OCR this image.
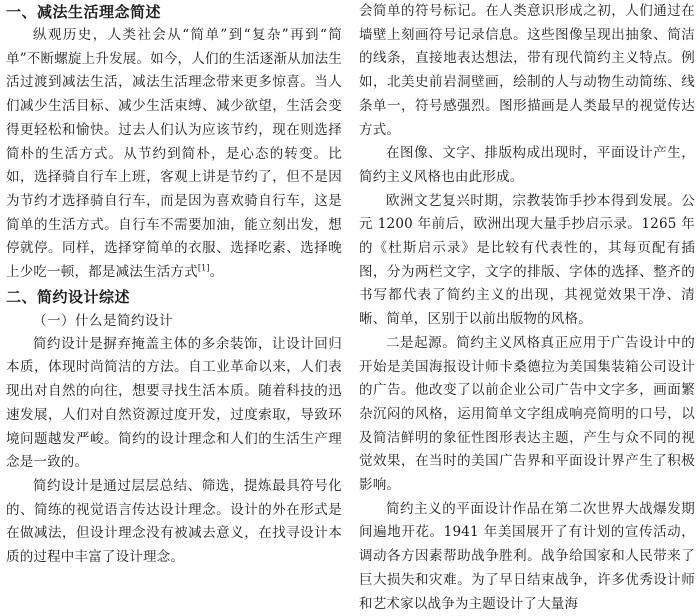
一、减法生活理念简述

纵观历史，人类社会从“简单”到“复杂”再到“简单”不断螺旋上升发展。如今，人们的生活逐渐从加法生活过渡到减法生活，减法生活理念带来更多惊喜。当人们减少生活目标、减少生活束缚、减少欲望，生活会变得更轻松和愉快。过去人们认为应该节约，现在则选择简朴的生活方式。从节约到简朴，是心态的转变。比如，选择骑自行车上班，客观上讲是节约了，但不是因为节约才选择骑自行车，而是因为喜欢骑自行车，这是简单的生活方式。自行车不需要加油，能立刻出发，想停就停。同样，选择穿简单的衣服、选择吃素、选择晚上少吃一顿，都是减法生活方式[1]。

二、简约设计综述
（一）什么是简约设计

简约设计是摒弃掩盖主体的多余装饰，让设计回归本质，体现时尚简洁的方法。自工业革命以来，人们表现出对自然的向往，想要寻找生活本质。随着科技的迅速发展，人们对自然资源过度开发，过度索取，导致环境问题越发严峻。简约的设计理念和人们的生活生产理念是一致的。

简约设计是通过层层总结、筛选，提炼最具符号化的、简练的视觉语言传达设计理念。设计的外在形式是在做减法，但设计理念没有被减去意义，在找寻设计本质的过程中丰富了设计理念。

会简单的符号标记。在人类意识形成之初，人们通过在墙壁上刻画符号记录信息。这些图像呈现出抽象、简洁的线条，直接地表达想法，带有现代简约主义特点。例如，北美史前岩洞壁画，绘制的人与动物生动简练、线条单一，符号感强烈。图形描画是人类最早的视觉传达方式。

在图像、文字、排版构成出现时，平面设计产生，简约主义风格也由此形成。

欧洲文艺复兴时期，宗教装饰手抄本得到发展。公元 1200 年前后，欧洲出现大量手抄启示录。1265 年的《杜斯启示录》是比较有代表性的，其每页配有插图，分为两栏文字，文字的排版、字体的选择、整齐的书写都代表了简约主义的出现，其视觉效果干净、清晰、简单，区别于以前出版物的风格。

二是起源。简约主义风格真正应用于广告设计中的开始是美国海报设计师卡桑德拉为美国集装箱公司设计的广告。他改变了以前企业公司广告中文字多，画面繁杂沉闷的风格，运用简单文字组成响亮简明的口号，以及简洁鲜明的象征性图形表达主题，产生与众不同的视觉效果，在当时的美国广告界和平面设计界产生了积极影响。

简约主义的平面设计作品在第二次世界大战爆发期间遍地开花。1941 年美国展开了有计划的宣传活动，调动各方因素帮助战争胜利。战争给国家和人民带来了巨大损失和灾难。为了早日结束战争，许多优秀设计师和艺术家以战争为主题设计了大量海
